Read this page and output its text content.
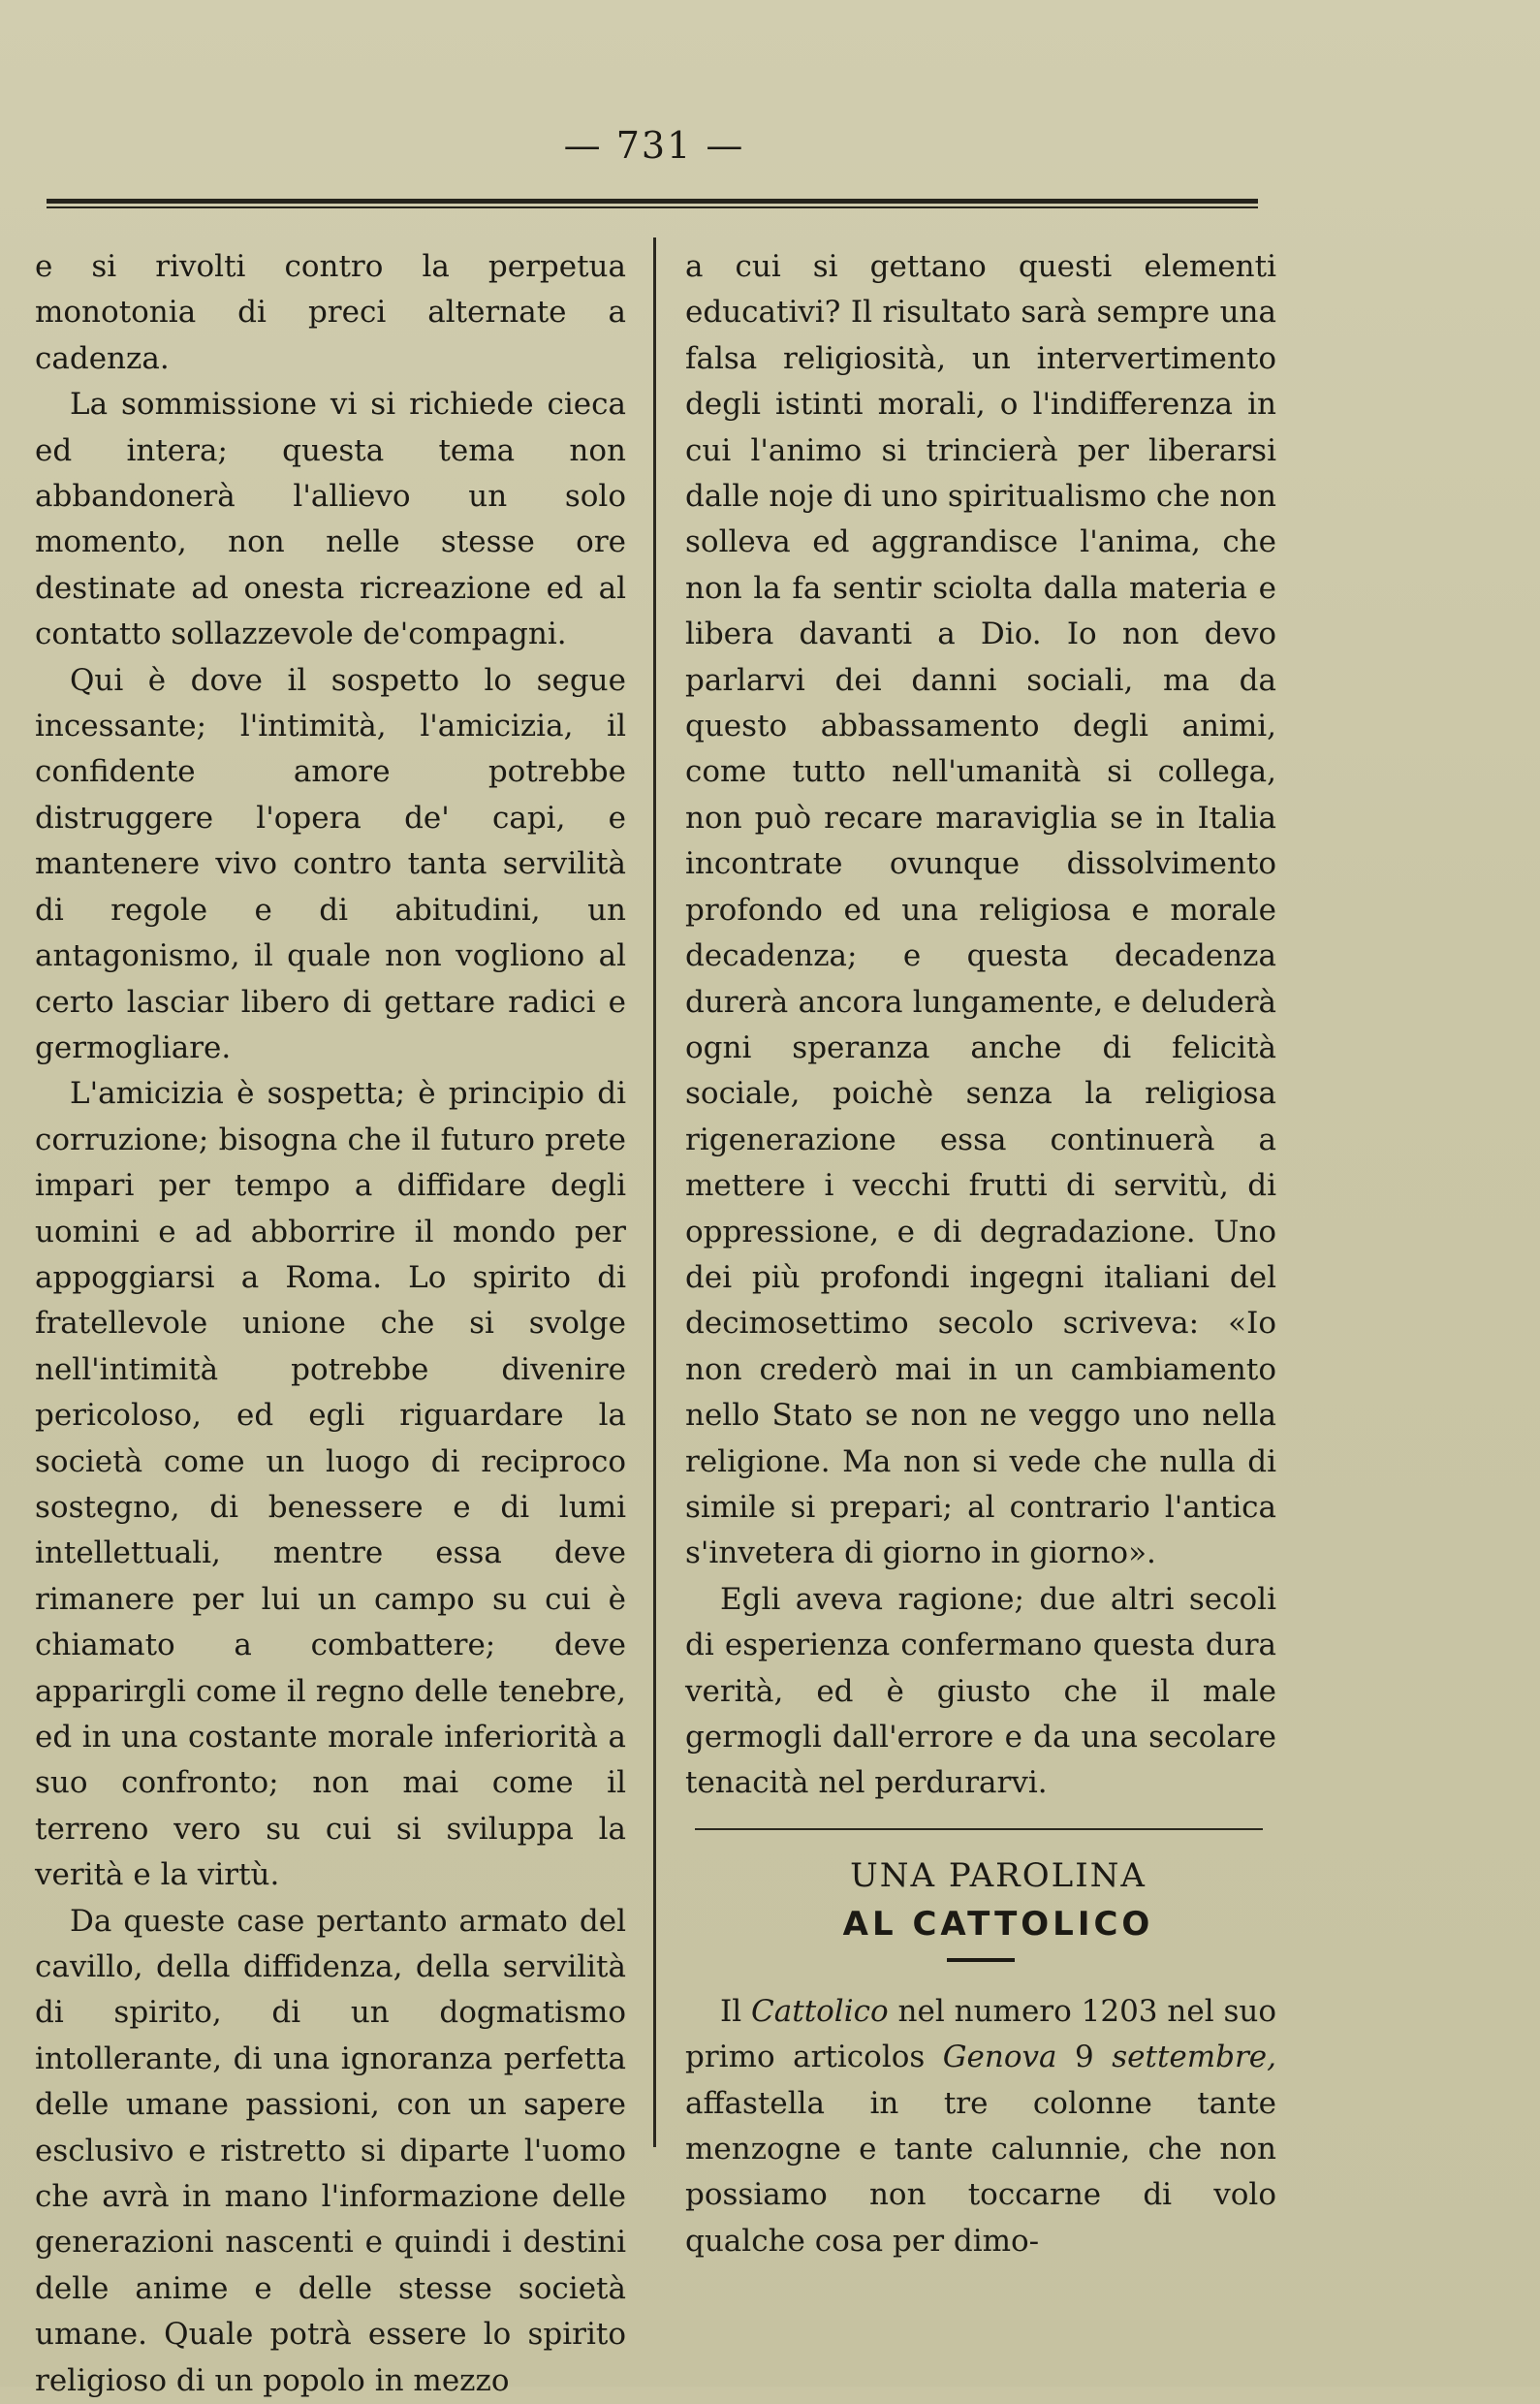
— 731 —

e si rivolti contro la perpetua monotonia di preci alternate a cadenza.

La sommissione vi si richiede cieca ed intera; questa tema non abbandonerà l'allievo un solo momento, non nelle stesse ore destinate ad onesta ricreazione ed al contatto sollazzevole de'compagni.

Qui è dove il sospetto lo segue incessante; l'intimità, l'amicizia, il confidente amore potrebbe distruggere l'opera de' capi, e mantenere vivo contro tanta servilità di regole e di abitudini, un antagonismo, il quale non vogliono al certo lasciar libero di gettare radici e germogliare.

L'amicizia è sospetta; è principio di corruzione; bisogna che il futuro prete impari per tempo a diffidare degli uomini e ad abborrire il mondo per appoggiarsi a Roma. Lo spirito di fratellevole unione che si svolge nell'intimità potrebbe divenire pericoloso, ed egli riguardare la società come un luogo di reciproco sostegno, di benessere e di lumi intellettuali, mentre essa deve rimanere per lui un campo su cui è chiamato a combattere; deve apparirgli come il regno delle tenebre, ed in una costante morale inferiorità a suo confronto; non mai come il terreno vero su cui si sviluppa la verità e la virtù.

Da queste case pertanto armato del cavillo, della diffidenza, della servilità di spirito, di un dogmatismo intollerante, di una ignoranza perfetta delle umane passioni, con un sapere esclusivo e ristretto si diparte l'uomo che avrà in mano l'informazione delle generazioni nascenti e quindi i destini delle anime e delle stesse società umane. Quale potrà essere lo spirito religioso di un popolo in mezzo

a cui si gettano questi elementi educativi? Il risultato sarà sempre una falsa religiosità, un intervertimento degli istinti morali, o l'indifferenza in cui l'animo si trincierà per liberarsi dalle noje di uno spiritualismo che non solleva ed aggrandisce l'anima, che non la fa sentir sciolta dalla materia e libera davanti a Dio. Io non devo parlarvi dei danni sociali, ma da questo abbassamento degli animi, come tutto nell'umanità si collega, non può recare maraviglia se in Italia incontrate ovunque dissolvimento profondo ed una religiosa e morale decadenza; e questa decadenza durerà ancora lungamente, e deluderà ogni speranza anche di felicità sociale, poichè senza la religiosa rigenerazione essa continuerà a mettere i vecchi frutti di servitù, di oppressione, e di degradazione. Uno dei più profondi ingegni italiani del decimosettimo secolo scriveva: «Io non crederò mai in un cambiamento nello Stato se non ne veggo uno nella religione. Ma non si vede che nulla di simile si prepari; al contrario l'antica s'invetera di giorno in giorno».

Egli aveva ragione; due altri secoli di esperienza confermano questa dura verità, ed è giusto che il male germogli dall'errore e da una secolare tenacità nel perdurarvi.

UNA PAROLINA
AL CATTOLICO

Il Cattolico nel numero 1203 nel suo primo articolos Genova 9 settembre, affastella in tre colonne tante menzogne e tante calunnie, che non possiamo non toccarne di volo qualche cosa per dimo-
